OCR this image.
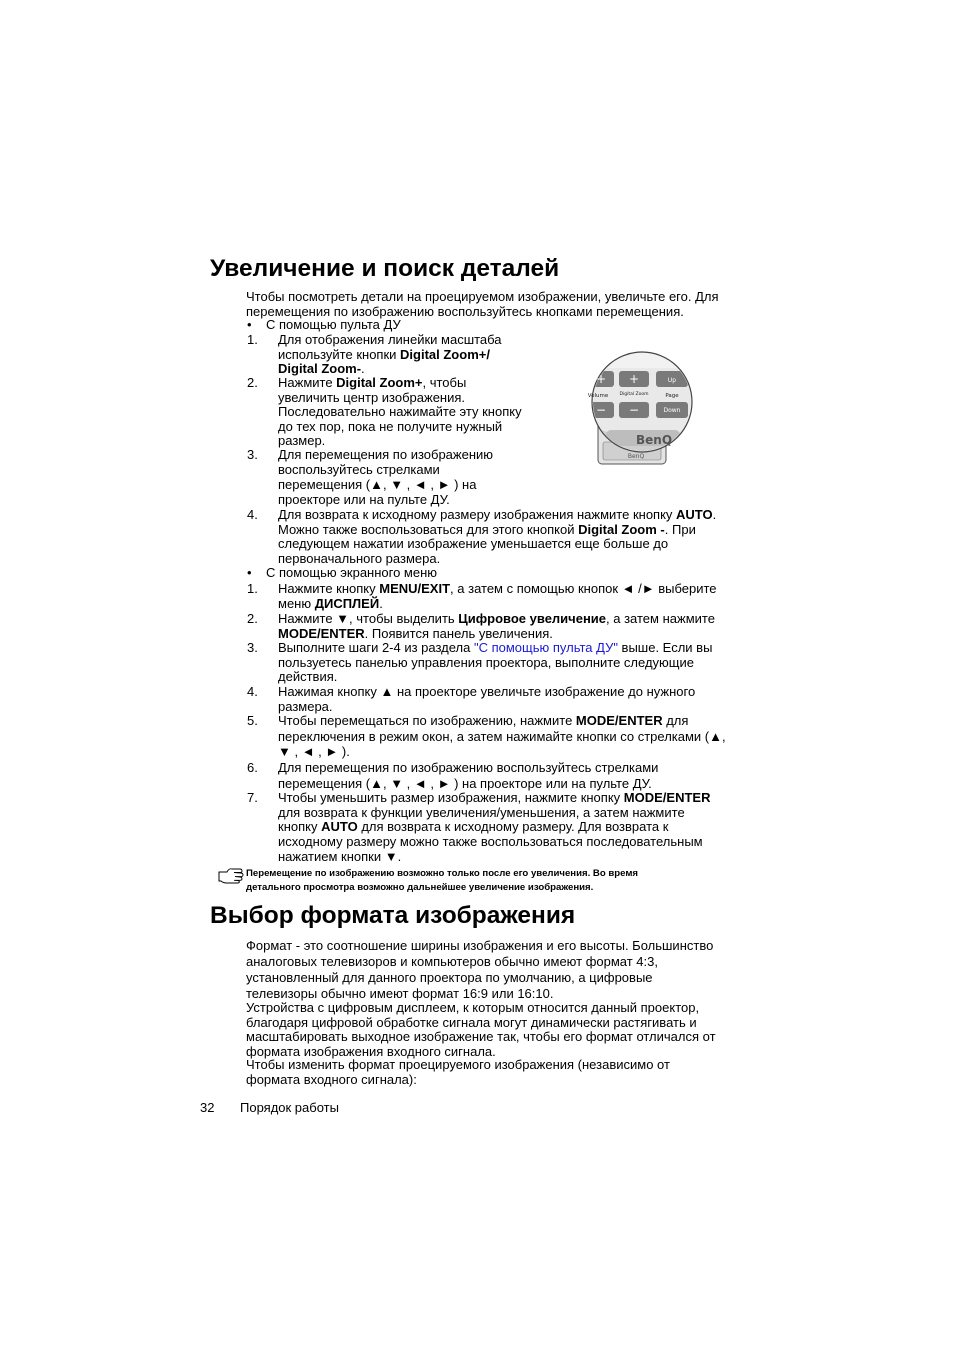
Увеличение и поиск деталей
Чтобы посмотреть детали на проецируемом изображении, увеличьте его. Для
перемещения по изображению воспользуйтесь кнопками перемещения.
• С помощью пульта ДУ
1. Для отображения линейки масштаба
используйте кнопки Digital Zoom+/
Digital Zoom-.
2. Нажмите Digital Zoom+, чтобы
увеличить центр изображения.
Последовательно нажимайте эту кнопку
до тех пор, пока не получите нужный
размер.
3. Для перемещения по изображению
воспользуйтесь стрелками
перемещения (▲, ▼ , ◄ , ► ) на
проекторе или на пульте ДУ.
+ +	Up
Volume	Digital Zoom	Page
− −	Down
BenQ
BenQ
4. Для возврата к исходному размеру изображения нажмите кнопку AUTO.
Можно также воспользоваться для этого кнопкой Digital Zoom -. При
следующем нажатии изображение уменьшается еще больше до
первоначального размера.
• С помощью экранного меню
1. Нажмите кнопку MENU/EXIT, а затем с помощью кнопок ◄ /► выберите
меню ДИСПЛЕЙ.
2. Нажмите ▼, чтобы выделить Цифровое увеличение, а затем нажмите
MODE/ENTER. Появится панель увеличения.
3. Выполните шаги 2-4 из раздела "С помощью пульта ДУ" выше. Если вы
пользуетесь панелью управления проектора, выполните следующие
действия.
4. Нажимая кнопку ▲ на проекторе увеличьте изображение до нужного
размера.
5. Чтобы перемещаться по изображению, нажмите MODE/ENTER для
переключения в режим окон, а затем нажимайте кнопки со стрелками (▲,
▼ , ◄ , ► ).
6. Для перемещения по изображению воспользуйтесь стрелками
перемещения (▲, ▼ , ◄ , ► ) на проекторе или на пульте ДУ.
7. Чтобы уменьшить размер изображения, нажмите кнопку MODE/ENTER
для возврата к функции увеличения/уменьшения, а затем нажмите
кнопку AUTO для возврата к исходному размеру. Для возврата к
исходному размеру можно также воспользоваться последовательным
нажатием кнопки ▼.
Перемещение по изображению возможно только после его увеличения. Во время
детального просмотра возможно дальнейшее увеличение изображения.
Выбор формата изображения
Формат - это соотношение ширины изображения и его высоты. Большинство
аналоговых телевизоров и компьютеров обычно имеют формат 4:3,
установленный для данного проектора по умолчанию, а цифровые
телевизоры обычно имеют формат 16:9 или 16:10.
Устройства с цифровым дисплеем, к которым относится данный проектор,
благодаря цифровой обработке сигнала могут динамически растягивать и
масштабировать выходное изображение так, чтобы его формат отличался от
формата изображения входного сигнала.
Чтобы изменить формат проецируемого изображения (независимо от
формата входного сигнала):
32 Порядок работы
